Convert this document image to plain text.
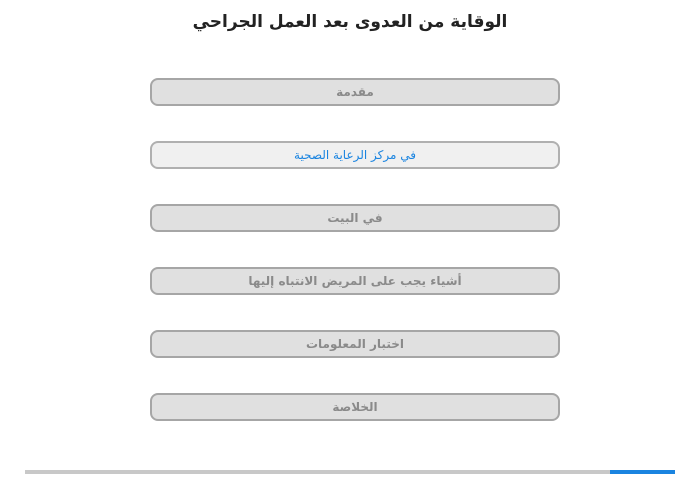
الوقاية من العدوى بعد العمل الجراحي
مقدمة
في مركز الرعاية الصحية
في البيت
أشياء يجب على المريض الانتباه إليها
اختبار المعلومات
الخلاصة
